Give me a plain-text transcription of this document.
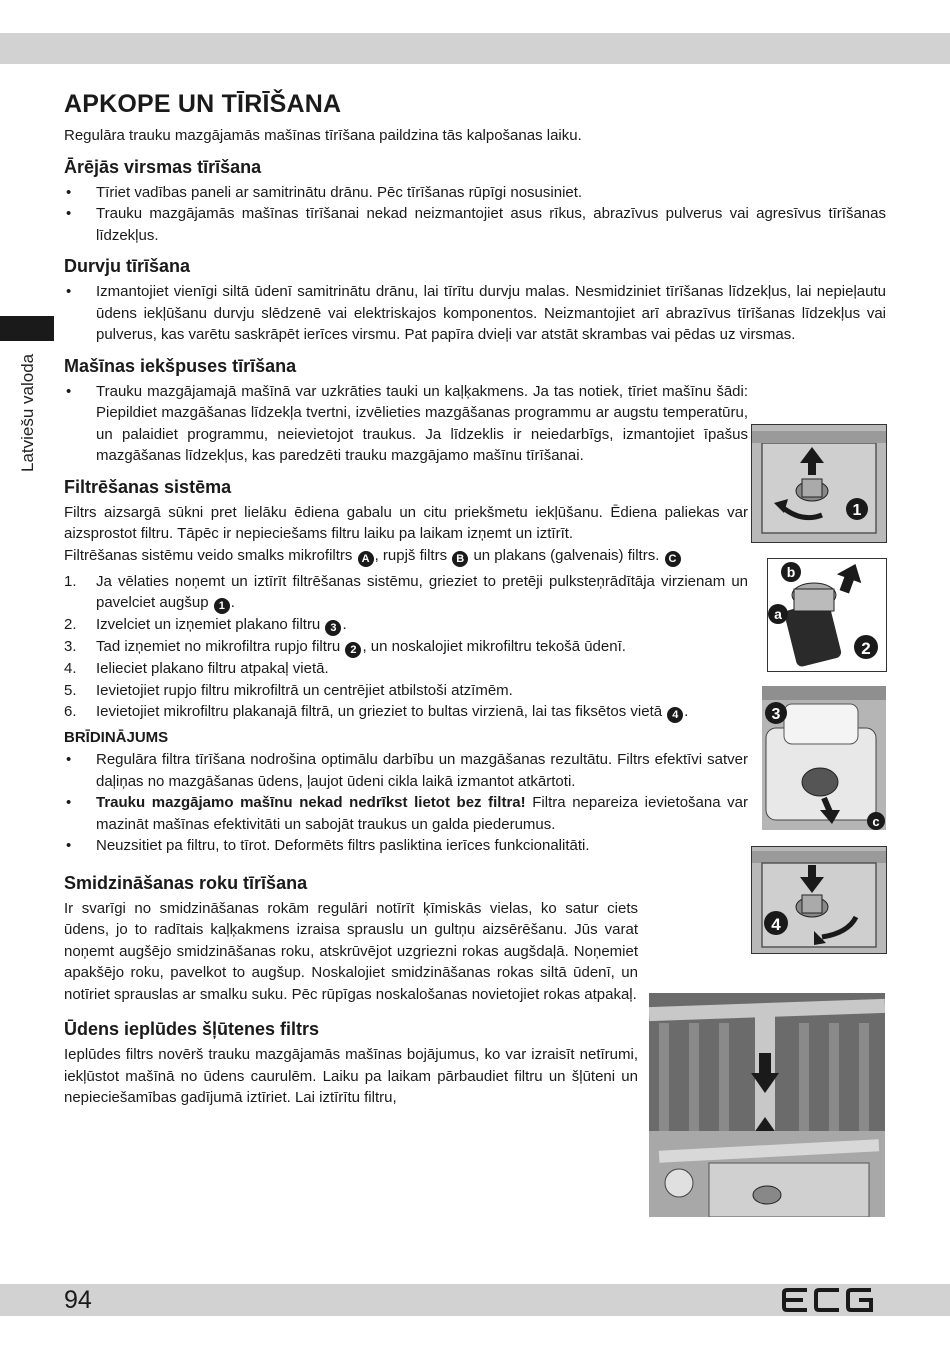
Latviešu valoda
APKOPE UN TĪRĪŠANA

Regulāra trauku mazgājamās mašīnas tīrīšana paildzina tās kalpošanas laiku.

Ārējās virsmas tīrīšana
• Tīriet vadības paneli ar samitrinātu drānu. Pēc tīrīšanas rūpīgi nosusiniet.
• Trauku mazgājamās mašīnas tīrīšanai nekad neizmantojiet asus rīkus, abrazīvus pulverus vai agresīvus tīrīšanas līdzekļus.
Durvju tīrīšana
• Izmantojiet vienīgi siltā ūdenī samitrinātu drānu, lai tīrītu durvju malas. Nesmidziniet tīrīšanas līdzekļus, lai nepieļautu ūdens iekļūšanu durvju slēdzenē vai elektriskajos komponentos. Neizmantojiet arī abrazīvus tīrīšanas līdzekļus vai pulverus, kas varētu saskrāpēt ierīces virsmu. Pat papīra dvieļi var atstāt skrambas vai pēdas uz virsmas.
Mašīnas iekšpuses tīrīšana
• Trauku mazgājamajā mašīnā var uzkrāties tauki un kaļķakmens. Ja tas notiek, tīriet mašīnu šādi: Piepildiet mazgāšanas līdzekļa tvertni, izvēlieties mazgāšanas programmu ar augstu temperatūru, un palaidiet programmu, neievietojot traukus. Ja līdzeklis ir neiedarbīgs, izmantojiet īpašus mazgāšanas līdzekļus, kas paredzēti trauku mazgājamo mašīnu tīrīšanai.
Filtrēšanas sistēma

Filtrs aizsargā sūkni pret lielāku ēdiena gabalu un citu priekšmetu iekļūšanu. Ēdiena paliekas var aizsprostot filtru. Tāpēc ir nepieciešams filtru laiku pa laikam izņemt un iztīrīt.

Filtrēšanas sistēmu veido smalks mikrofiltrs A , rupjš filtrs B un plakans (galvenais) filtrs. C

1. Ja vēlaties noņemt un iztīrīt filtrēšanas sistēmu, grieziet to pretēji pulksteņrādītāja virzienam un pavelciet augšup 1 .
2. Izvelciet un izņemiet plakano filtru 3 .
3. Tad izņemiet no mikrofiltra rupjo filtru 2 , un noskalojiet mikrofiltru tekošā ūdenī.
4. Ielieciet plakano filtru atpakaļ vietā.
5. Ievietojiet rupjo filtru mikrofiltrā un centrējiet atbilstoši atzīmēm.
6. Ievietojiet mikrofiltru plakanajā filtrā, un grieziet to bultas virzienā, lai tas fiksētos vietā 4 .
BRĪDINĀJUMS
• Regulāra filtra tīrīšana nodrošina optimālu darbību un mazgāšanas rezultātu. Filtrs efektīvi satver daļiņas no mazgāšanas ūdens, ļaujot ūdeni cikla laikā izmantot atkārtoti.
• Trauku mazgājamo mašīnu nekad nedrīkst lietot bez filtra! Filtra nepareiza ievietošana var mazināt mašīnas efektivitāti un sabojāt traukus un galda piederumus.
• Neuzsitiet pa filtru, to tīrot. Deformēts filtrs pasliktina ierīces funkcionalitāti.
Smidzināšanas roku tīrīšana

Ir svarīgi no smidzināšanas rokām regulāri notīrīt ķīmiskās vielas, ko satur ciets ūdens, jo to radītais kaļķakmens izraisa sprauslu un gultņu aizsērēšanu. Jūs varat noņemt augšējo smidzināšanas roku, atskrūvējot uzgriezni rokas augšdaļā. Noņemiet apakšējo roku, pavelkot to augšup. Noskalojiet smidzināšanas rokas siltā ūdenī, un notīriet sprauslas ar smalku suku. Pēc rūpīgas noskalošanas novietojiet rokas atpakaļ.

Ūdens ieplūdes šļūtenes filtrs

Ieplūdes filtrs novērš trauku mazgājamās mašīnas bojājumus, ko var izraisīt netīrumi, iekļūstot mašīnā no ūdens caurulēm. Laiku pa laikam pārbaudiet filtru un šļūteni un nepieciešamības gadījumā iztīriet. Lai iztīrītu filtru,

1
b
a
2
3
c
4
94
